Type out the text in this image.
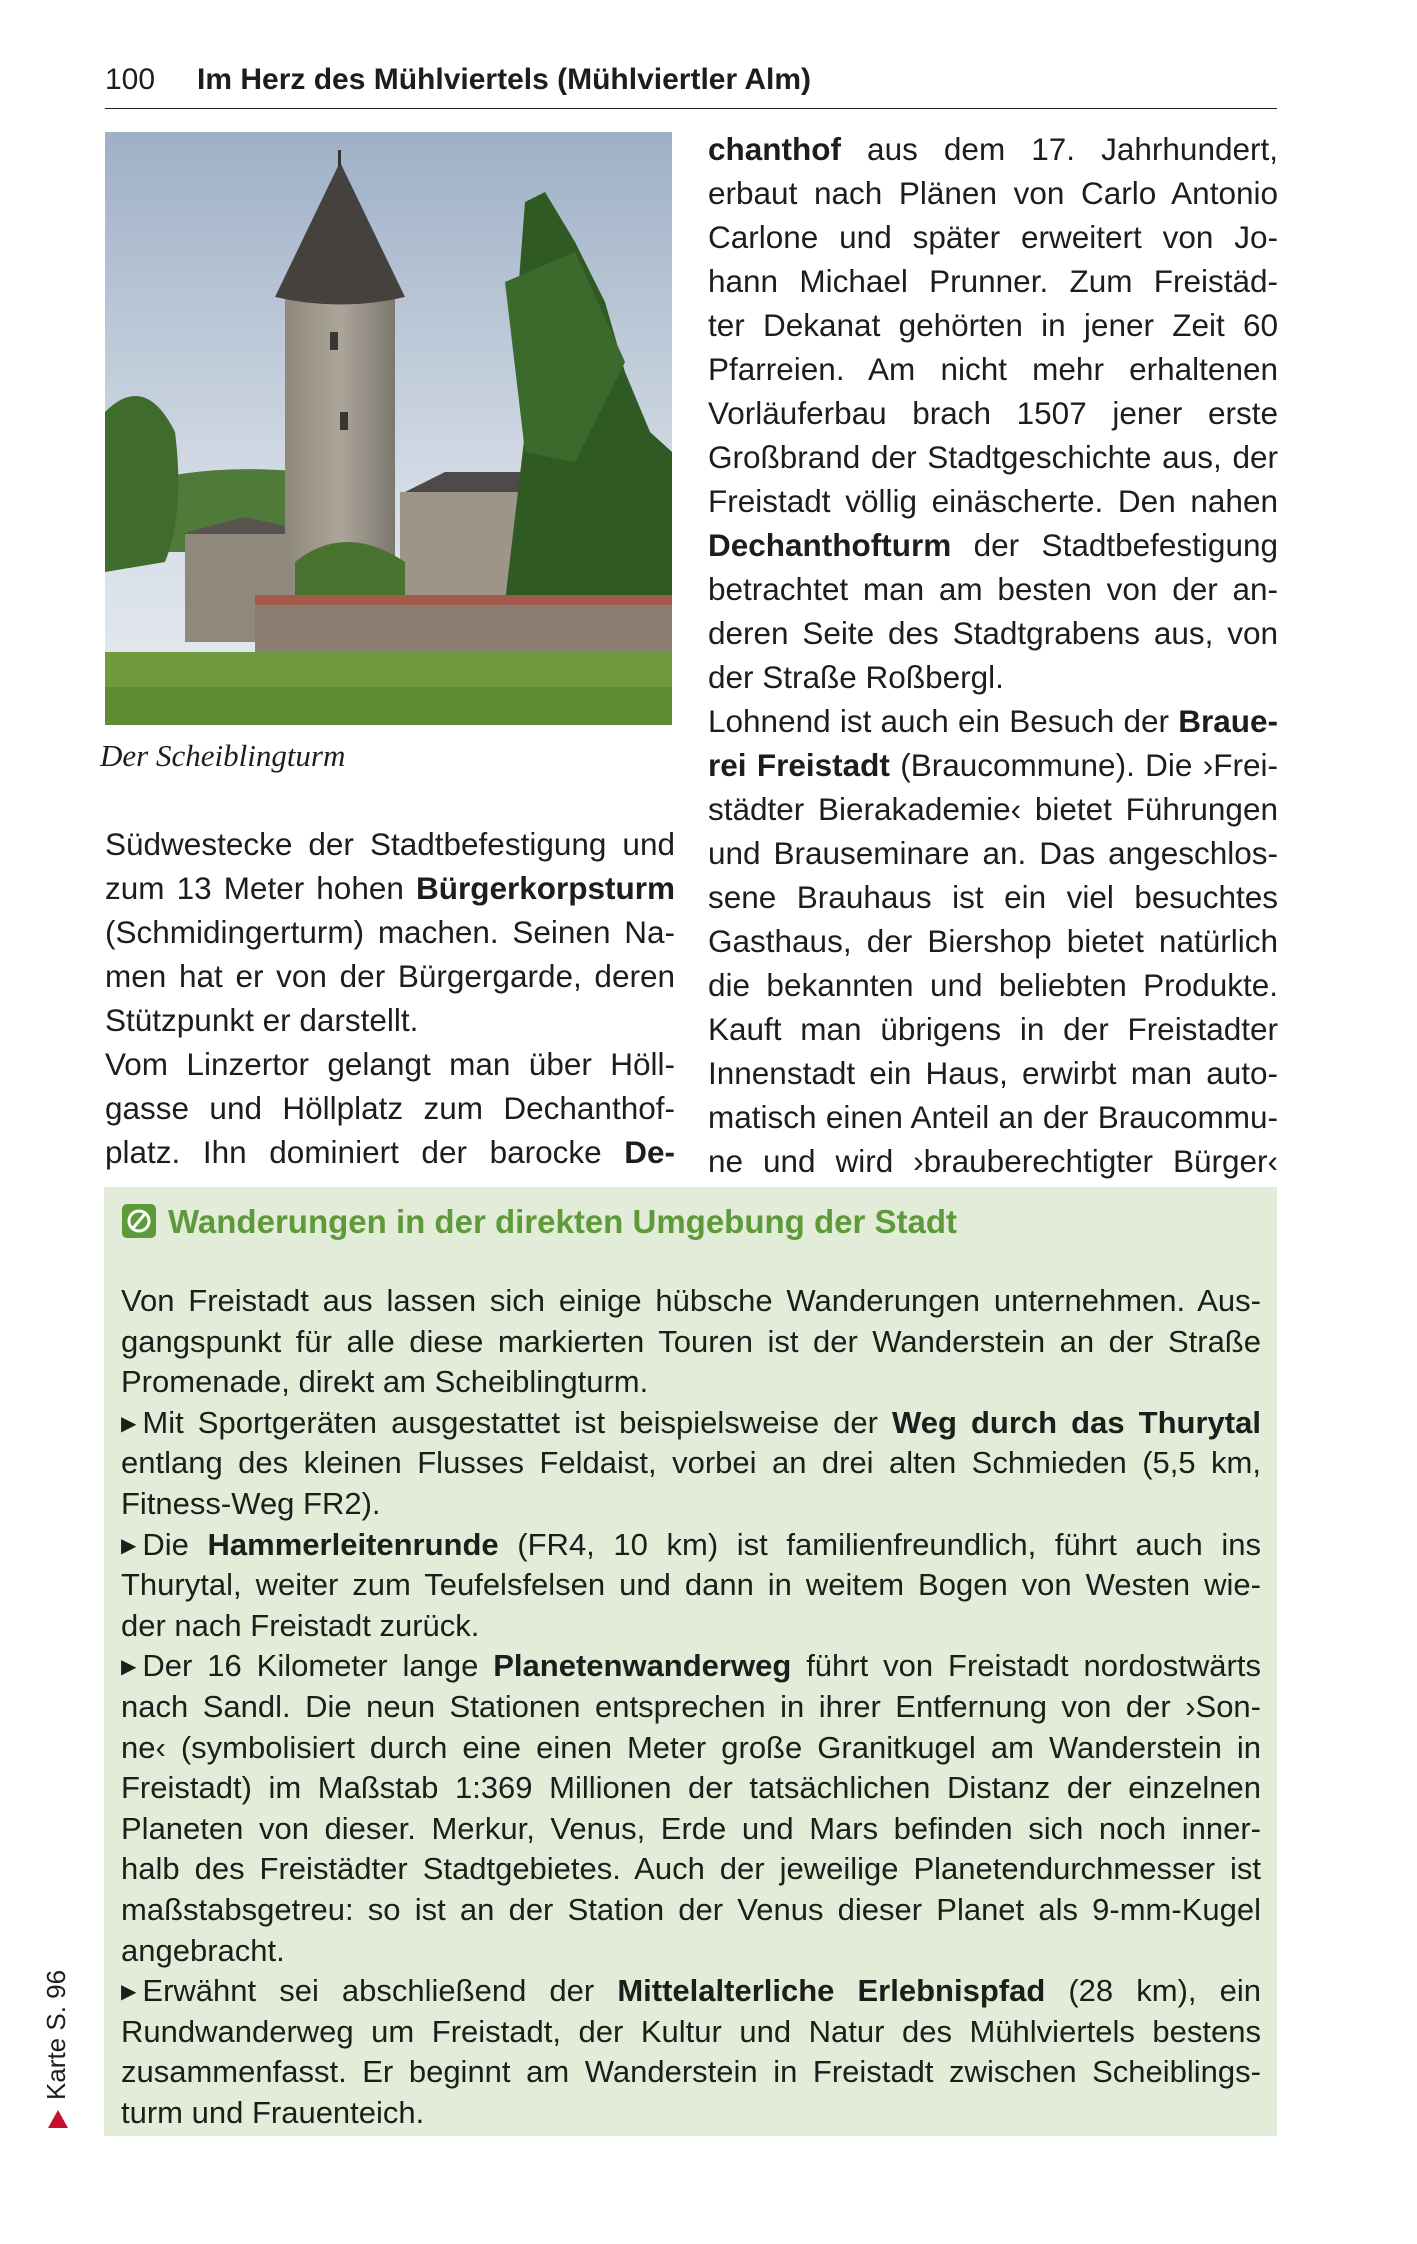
100 Im Herz des Mühlviertels (Mühlviertler Alm)
Der Scheiblingturm
Südwestecke der Stadtbefestigung und
zum 13 Meter hohen Bürgerkorpsturm
(Schmidingerturm) machen. Seinen Na-
men hat er von der Bürgergarde, deren
Stützpunkt er darstellt.
Vom Linzertor gelangt man über Höll-
gasse und Höllplatz zum Dechanthof-
platz. Ihn dominiert der barocke De-
chanthof aus dem 17. Jahrhundert,
erbaut nach Plänen von Carlo Antonio
Carlone und später erweitert von Jo-
hann Michael Prunner. Zum Freistäd-
ter Dekanat gehörten in jener Zeit 60
Pfarreien. Am nicht mehr erhaltenen
Vorläuferbau brach 1507 jener erste
Großbrand der Stadtgeschichte aus, der
Freistadt völlig einäscherte. Den nahen
Dechanthofturm der Stadtbefestigung
betrachtet man am besten von der an-
deren Seite des Stadtgrabens aus, von
der Straße Roßbergl.
Lohnend ist auch ein Besuch der Braue-
rei Freistadt (Braucommune). Die ›Frei-
städter Bierakademie‹ bietet Führungen
und Brauseminare an. Das angeschlos-
sene Brauhaus ist ein viel besuchtes
Gasthaus, der Biershop bietet natürlich
die bekannten und beliebten Produkte.
Kauft man übrigens in der Freistadter
Innenstadt ein Haus, erwirbt man auto-
matisch einen Anteil an der Braucommu-
ne und wird ›brauberechtigter Bürger‹
Wanderungen in der direkten Umgebung der Stadt
Von Freistadt aus lassen sich einige hübsche Wanderungen unternehmen. Aus-
gangspunkt für alle diese markierten Touren ist der Wanderstein an der Straße
Promenade, direkt am Scheiblingturm.
▶ Mit Sportgeräten ausgestattet ist beispielsweise der Weg durch das Thurytal
entlang des kleinen Flusses Feldaist, vorbei an drei alten Schmieden (5,5 km,
Fitness-Weg FR2).
▶ Die Hammerleitenrunde (FR4, 10 km) ist familienfreundlich, führt auch ins
Thurytal, weiter zum Teufelsfelsen und dann in weitem Bogen von Westen wie-
der nach Freistadt zurück.
▶ Der 16 Kilometer lange Planetenwanderweg führt von Freistadt nordostwärts
nach Sandl. Die neun Stationen entsprechen in ihrer Entfernung von der ›Son-
ne‹ (symbolisiert durch eine einen Meter große Granitkugel am Wanderstein in
Freistadt) im Maßstab 1:369 Millionen der tatsächlichen Distanz der einzelnen
Planeten von dieser. Merkur, Venus, Erde und Mars befinden sich noch inner-
halb des Freistädter Stadtgebietes. Auch der jeweilige Planetendurchmesser ist
maßstabsgetreu: so ist an der Station der Venus dieser Planet als 9-mm-Kugel
angebracht.
▶ Erwähnt sei abschließend der Mittelalterliche Erlebnispfad (28 km), ein
Rundwanderweg um Freistadt, der Kultur und Natur des Mühlviertels bestens
zusammenfasst. Er beginnt am Wanderstein in Freistadt zwischen Scheiblings-
turm und Frauenteich.
Karte S. 96
